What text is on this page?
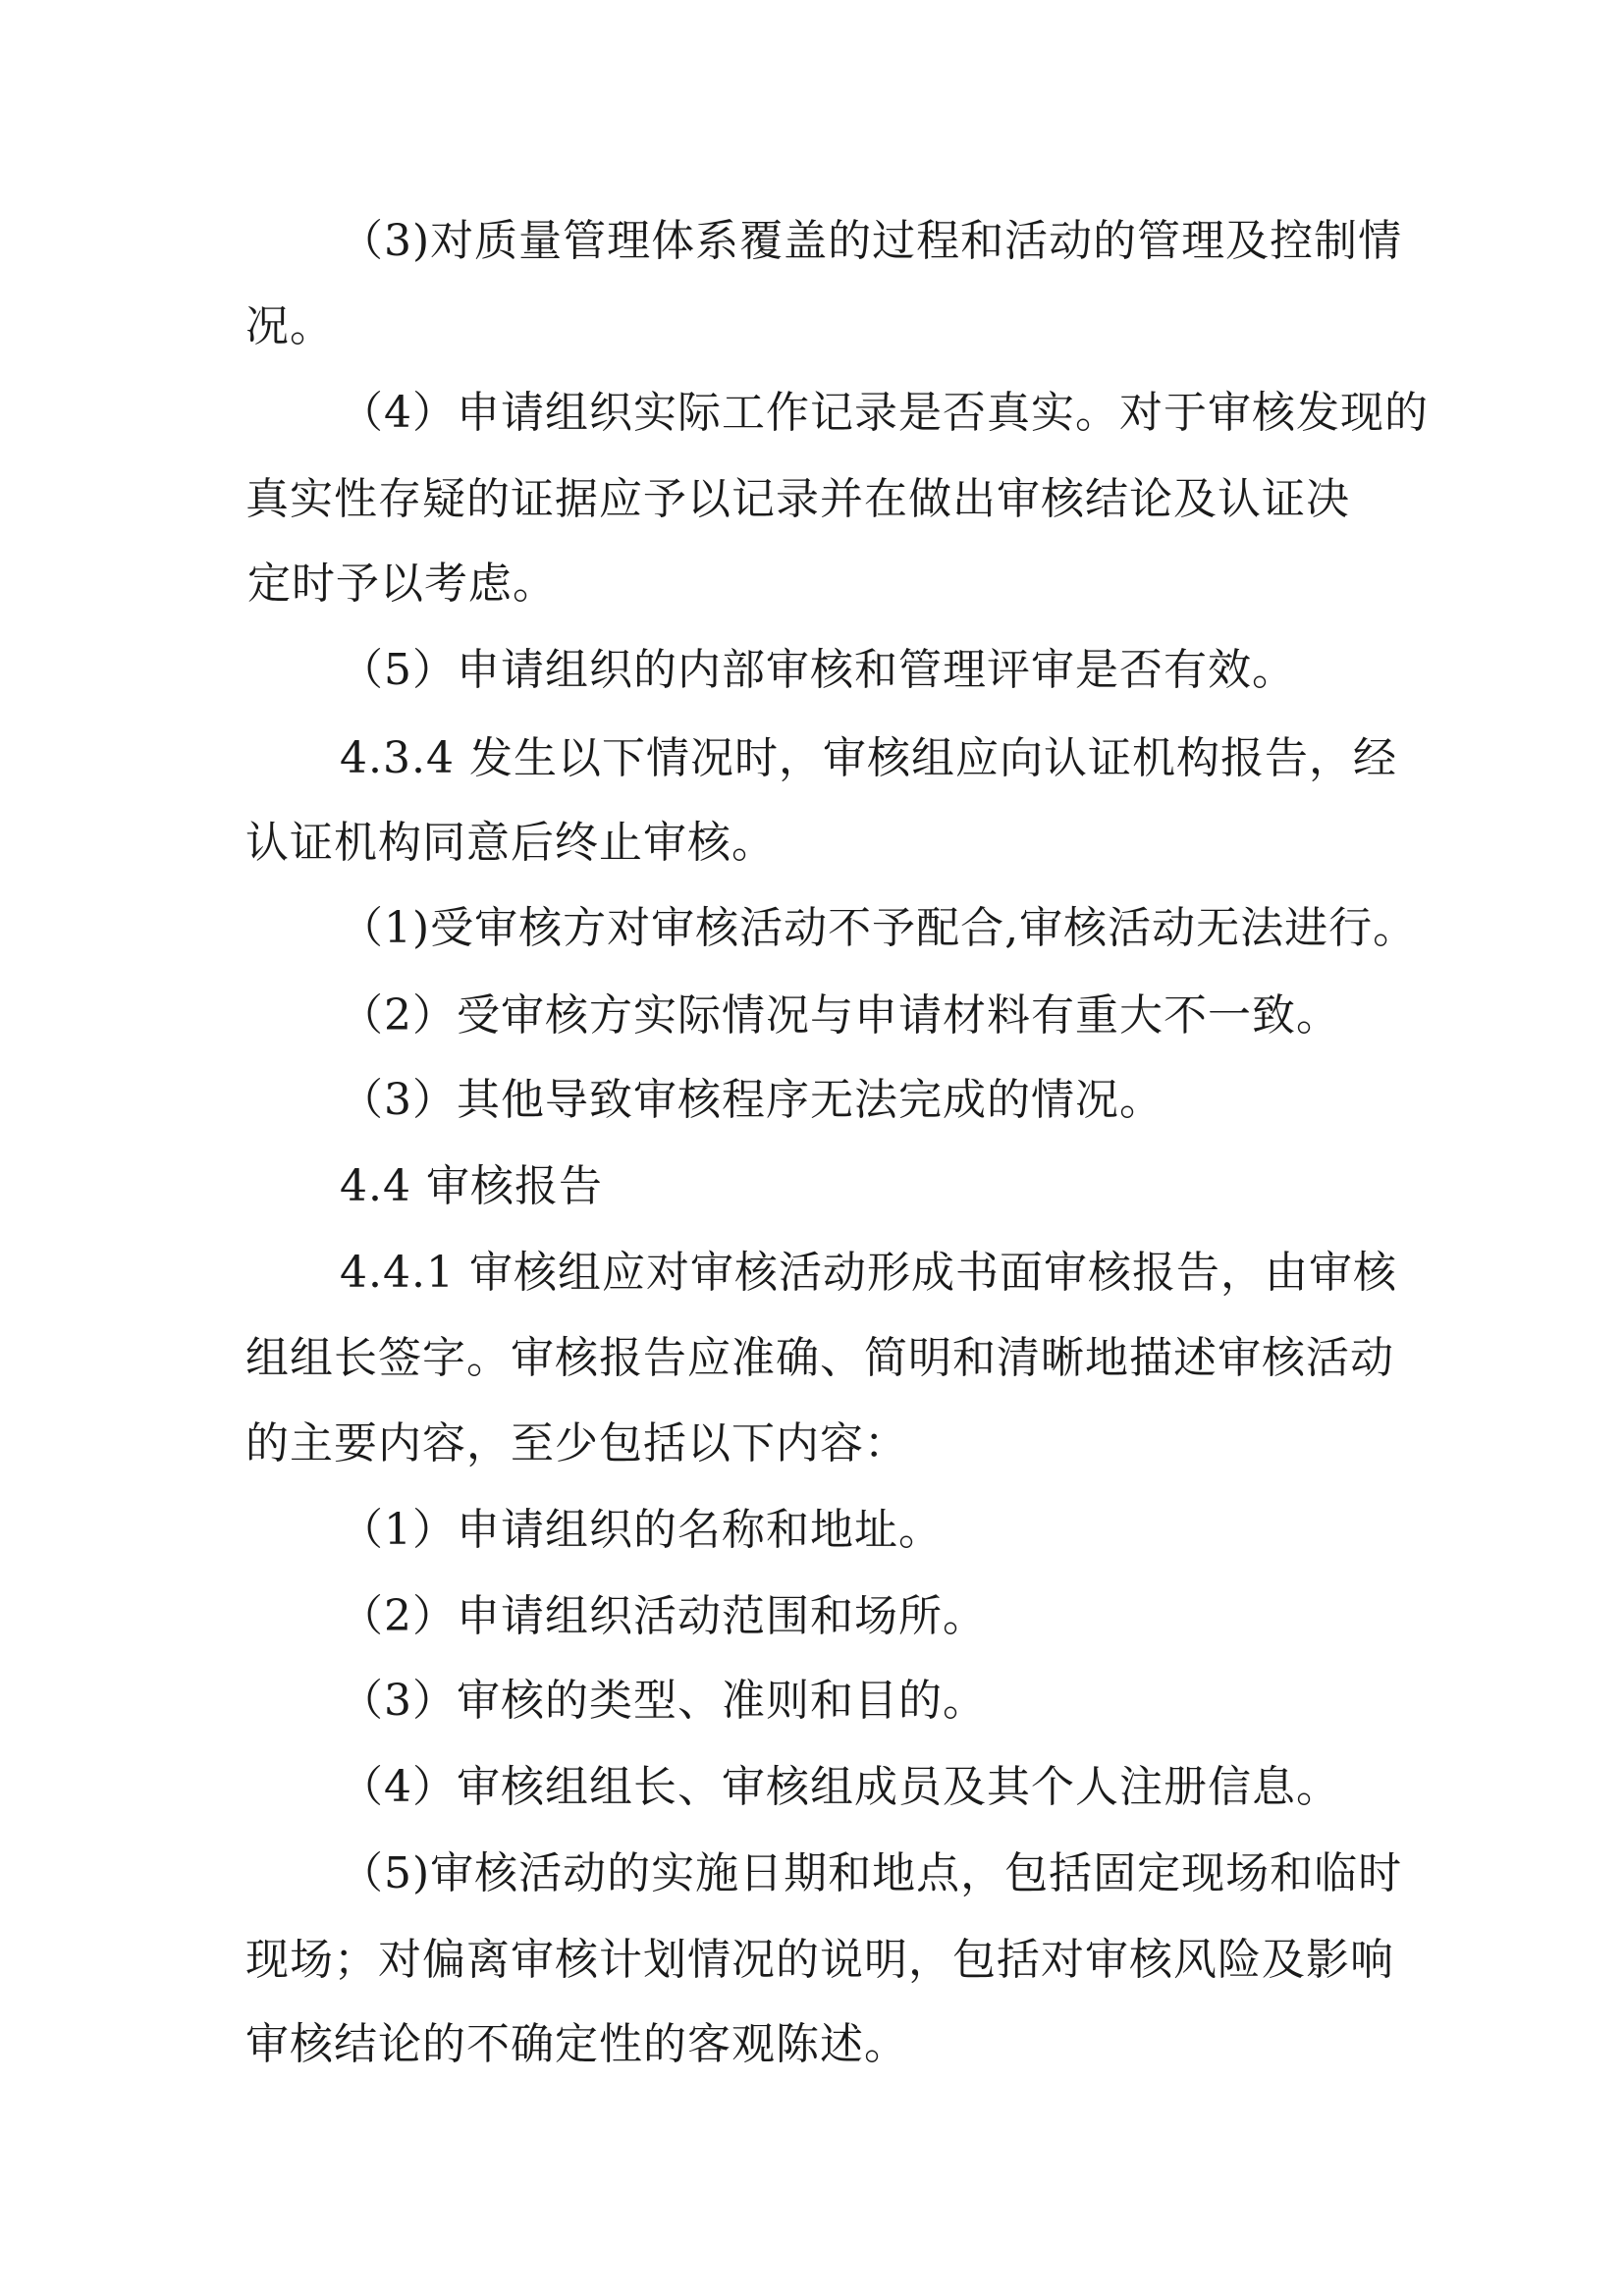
（3)对质量管理体系覆盖的过程和活动的管理及控制情
况。
（4）申请组织实际工作记录是否真实。对于审核发现的
真实性存疑的证据应予以记录并在做出审核结论及认证决
定时予以考虑。
（5）申请组织的内部审核和管理评审是否有效。
4.3.4 发生以下情况时，审核组应向认证机构报告，经
认证机构同意后终止审核。
（1)受审核方对审核活动不予配合,审核活动无法进行。
（2）受审核方实际情况与申请材料有重大不一致。
（3）其他导致审核程序无法完成的情况。
4.4 审核报告
4.4.1 审核组应对审核活动形成书面审核报告，由审核
组组长签字。审核报告应准确、简明和清晰地描述审核活动
的主要内容，至少包括以下内容：
（1）申请组织的名称和地址。
（2）申请组织活动范围和场所。
（3）审核的类型、准则和目的。
（4）审核组组长、审核组成员及其个人注册信息。
（5)审核活动的实施日期和地点，包括固定现场和临时
现场；对偏离审核计划情况的说明，包括对审核风险及影响
审核结论的不确定性的客观陈述。
